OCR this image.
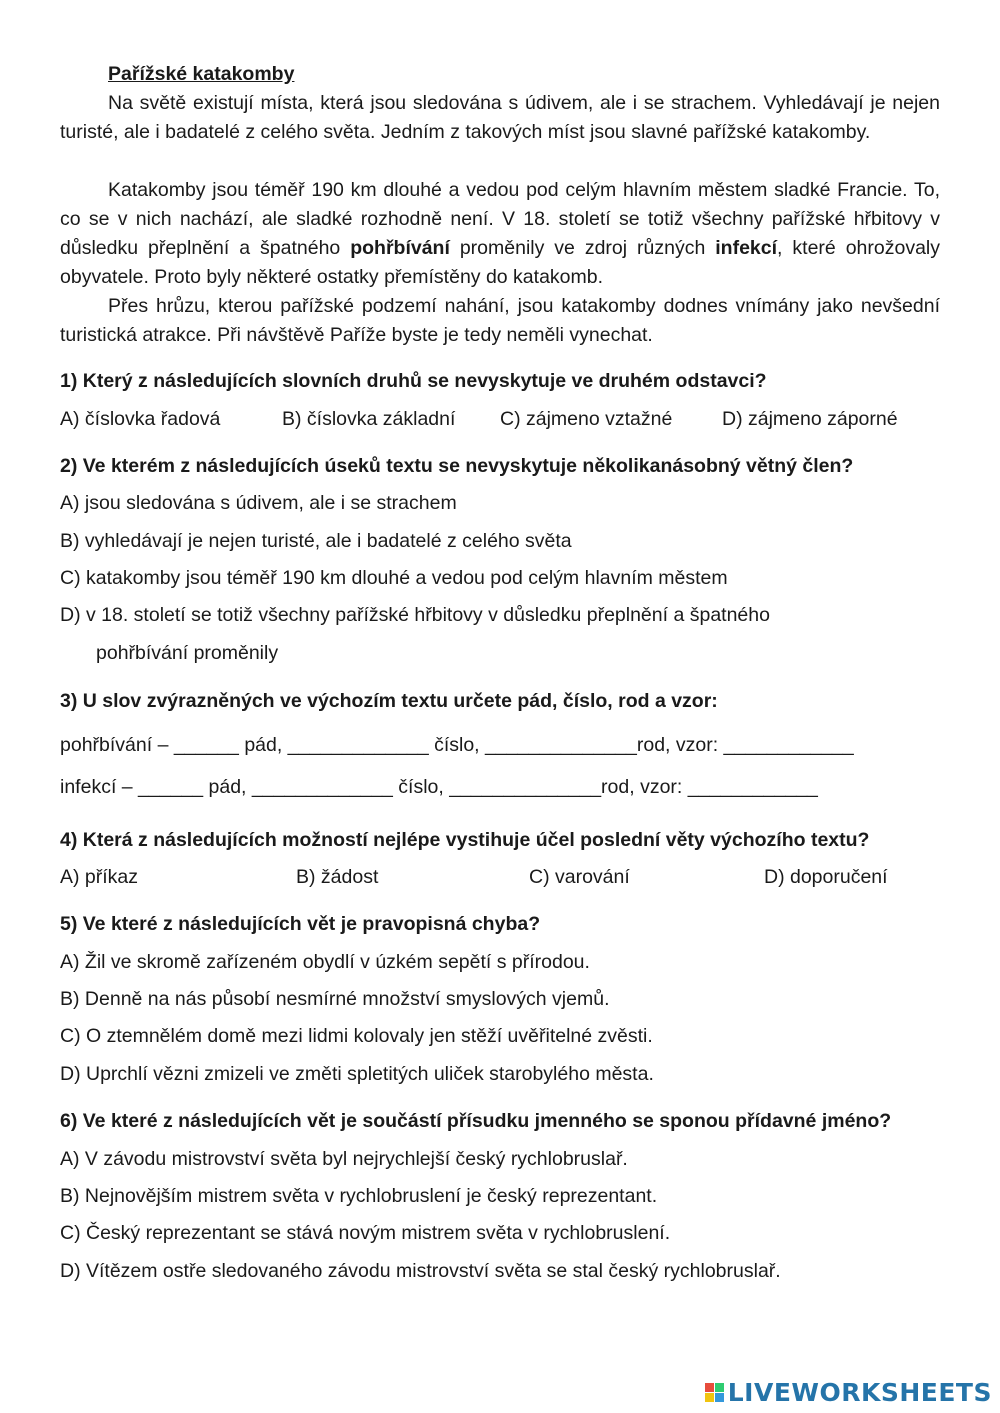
Pařížské katakomby

Na světě existují místa, která jsou sledována s údivem, ale i se strachem. Vyhledávají je nejen turisté, ale i badatelé z celého světa. Jedním z takových míst jsou slavné pařížské katakomby.

Katakomby jsou téměř 190 km dlouhé a vedou pod celým hlavním městem sladké Francie. To, co se v nich nachází, ale sladké rozhodně není. V 18. století se totiž všechny pařížské hřbitovy v důsledku přeplnění a špatného pohřbívání proměnily ve zdroj různých infekcí, které ohrožovaly obyvatele. Proto byly některé ostatky přemístěny do katakomb.

Přes hrůzu, kterou pařížské podzemí nahání, jsou katakomby dodnes vnímány jako nevšední turistická atrakce. Při návštěvě Paříže byste je tedy neměli vynechat.

1) Který z následujících slovních druhů se nevyskytuje ve druhém odstavci?
A) číslovka řadová	B) číslovka základní C) zájmeno vztažné	D) zájmeno záporné
2) Ve kterém z následujících úseků textu se nevyskytuje několikanásobný větný člen?
A) jsou sledována s údivem, ale i se strachem
B) vyhledávají je nejen turisté, ale i badatelé z celého světa
C) katakomby jsou téměř 190 km dlouhé a vedou pod celým hlavním městem
D) v 18. století se totiž všechny pařížské hřbitovy v důsledku přeplnění a špatného
pohřbívání proměnily
3) U slov zvýrazněných ve výchozím textu určete pád, číslo, rod a vzor:
pohřbívání – ______ pád, _____________ číslo, ______________rod, vzor: ____________
infekcí – ______ pád, _____________ číslo, ______________rod, vzor: ____________
4) Která z následujících možností nejlépe vystihuje účel poslední věty výchozího textu?
A) příkaz	B) žádost	C) varování	D) doporučení
5) Ve které z následujících vět je pravopisná chyba?
A) Žil ve skromě zařízeném obydlí v úzkém sepětí s přírodou.
B) Denně na nás působí nesmírné množství smyslových vjemů.
C) O ztemnělém domě mezi lidmi kolovaly jen stěží uvěřitelné zvěsti.
D) Uprchlí vězni zmizeli ve změti spletitých uliček starobylého města.
6) Ve které z následujících vět je součástí přísudku jmenného se sponou přídavné jméno?
A) V závodu mistrovství světa byl nejrychlejší český rychlobruslař.
B) Nejnovějším mistrem světa v rychlobruslení je český reprezentant.
C) Český reprezentant se stává novým mistrem světa v rychlobruslení.
D) Vítězem ostře sledovaného závodu mistrovství světa se stal český rychlobruslař.
LIVEWORKSHEETS
